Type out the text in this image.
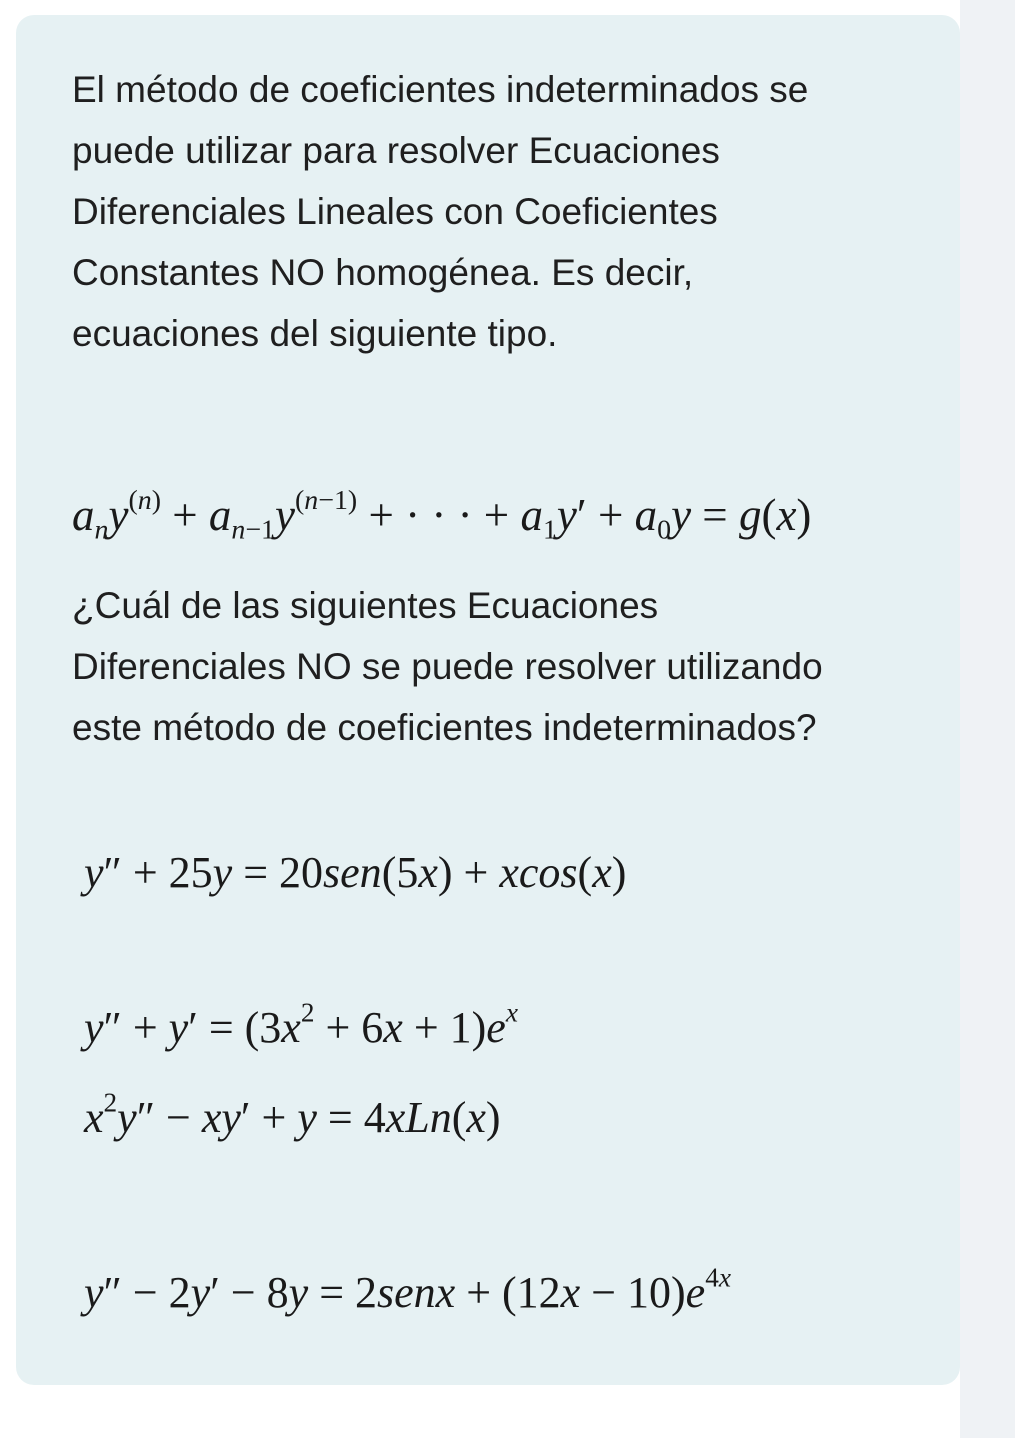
El método de coeficientes indeterminados se
puede utilizar para resolver Ecuaciones
Diferenciales Lineales con Coeficientes
Constantes NO homogénea. Es decir,
ecuaciones del siguiente tipo.

$a_ny^{(n)} + a_{n-1}y^{(n-1)}$ + · · · + $a_1y' + a_0y = g(x)$

¿Cuál de las siguientes Ecuaciones
Diferenciales NO se puede resolver utilizando
este método de coeficientes indeterminados?

y″ + 25y = 20sen(5x) + xcos(x)
$y'' + y' = (3x^2 + 6x + 1)e^x$
$x^2y'' - xy' + y = 4xLn(x)$
y″ − 2y′ − 8y = 2senx + $(12x - 10)e^{4x}$
